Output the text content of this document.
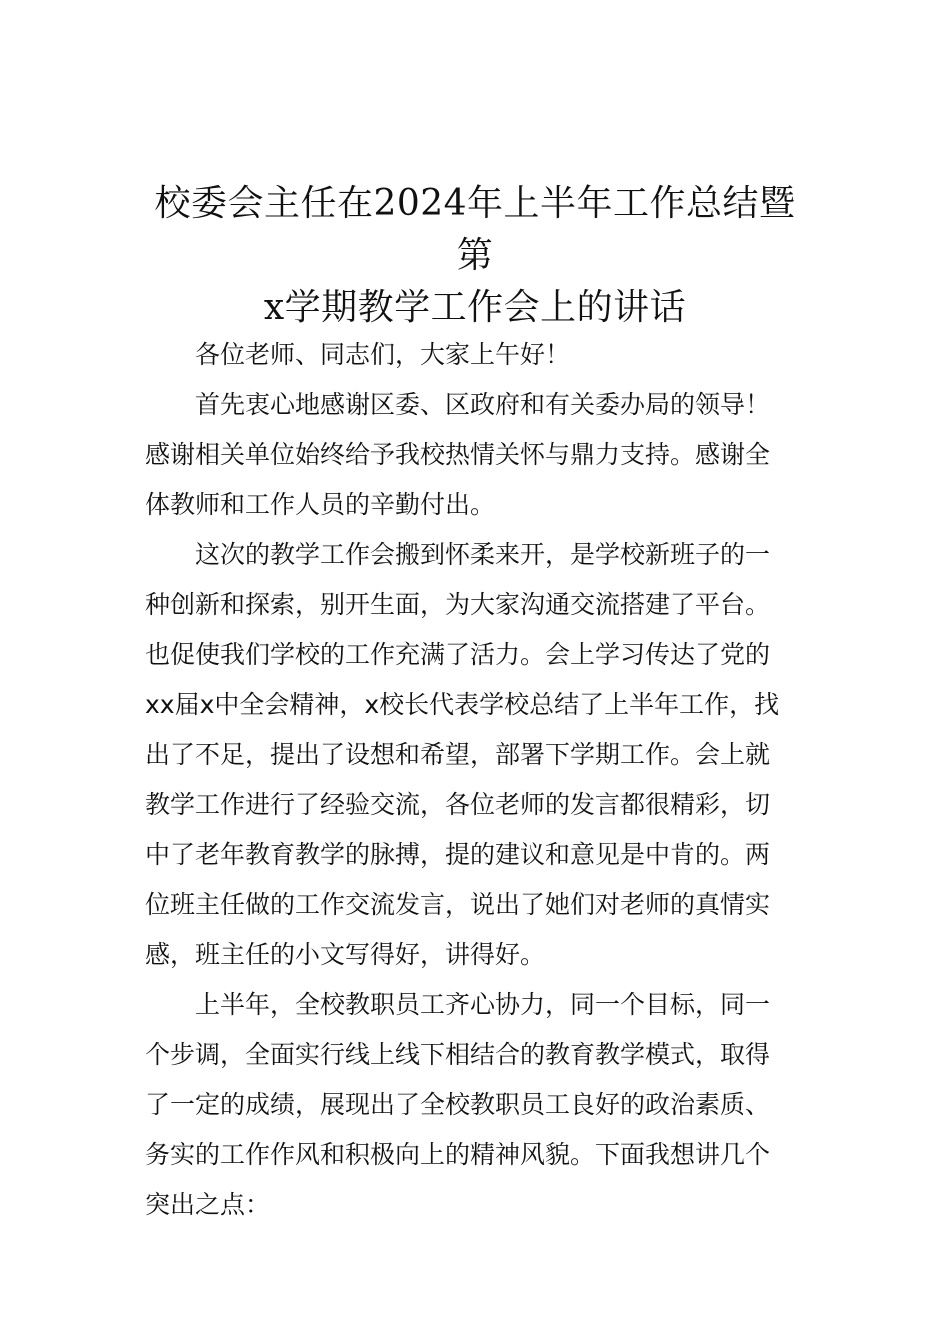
校委会主任在2024年上半年工作总结暨第
x学期教学工作会上的讲话
各位老师、同志们，大家上午好！
首先衷心地感谢区委、区政府和有关委办局的领导！
感谢相关单位始终给予我校热情关怀与鼎力支持。感谢全
体教师和工作人员的辛勤付出。
这次的教学工作会搬到怀柔来开，是学校新班子的一
种创新和探索，别开生面，为大家沟通交流搭建了平台。
也促使我们学校的工作充满了活力。会上学习传达了党的
xx届x中全会精神，x校长代表学校总结了上半年工作，找
出了不足，提出了设想和希望，部署下学期工作。会上就
教学工作进行了经验交流，各位老师的发言都很精彩，切
中了老年教育教学的脉搏，提的建议和意见是中肯的。两
位班主任做的工作交流发言，说出了她们对老师的真情实
感，班主任的小文写得好，讲得好。
上半年，全校教职员工齐心协力，同一个目标，同一
个步调，全面实行线上线下相结合的教育教学模式，取得
了一定的成绩，展现出了全校教职员工良好的政治素质、
务实的工作作风和积极向上的精神风貌。下面我想讲几个
突出之点：
